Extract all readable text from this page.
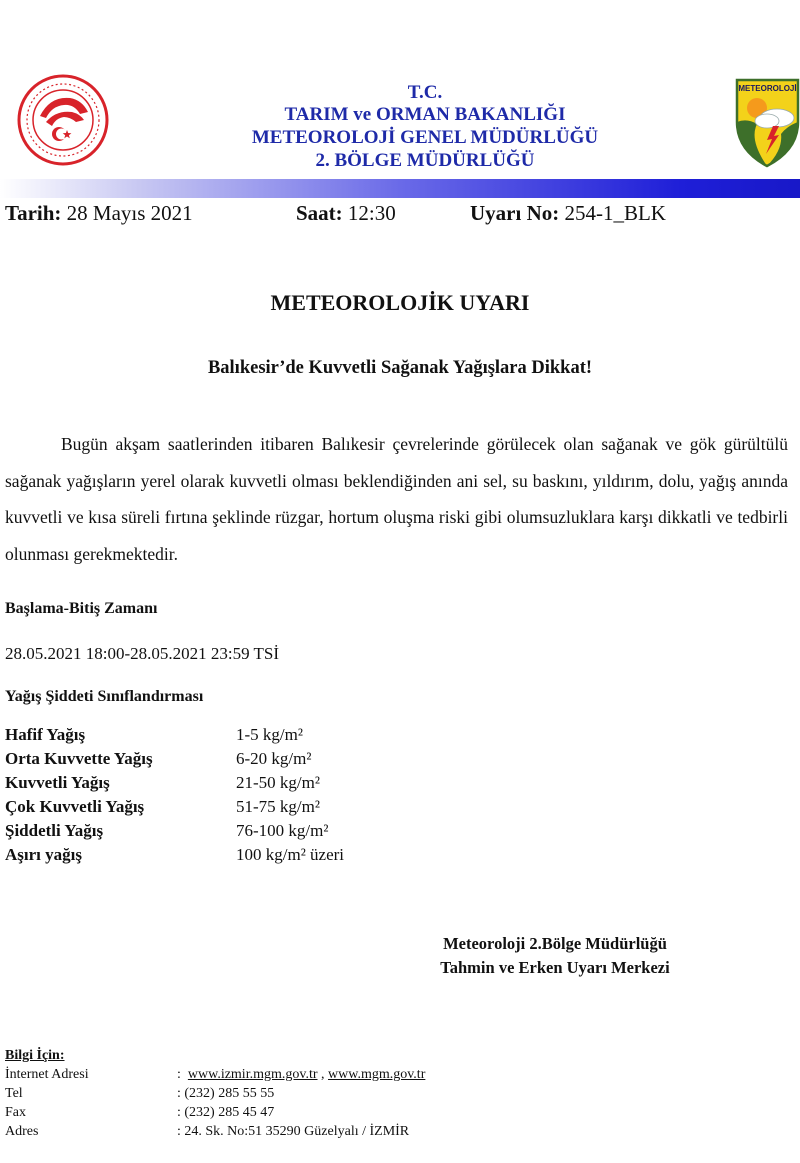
T.C.
TARIM ve ORMAN BAKANLIĞI
METEOROLOJİ GENEL MÜDÜRLÜĞÜ
2. BÖLGE MÜDÜRLÜĞÜ
METEOROLOJİ
Tarih: 28 Mayıs 2021	Saat: 12:30	Uyarı No: 254-1_BLK
METEOROLOJİK UYARI
Balıkesir’de Kuvvetli Sağanak Yağışlara Dikkat!
Bugün akşam saatlerinden itibaren Balıkesir çevrelerinde görülecek olan sağanak ve gök gürültülü sağanak yağışların yerel olarak kuvvetli olması beklendiğinden ani sel, su baskını, yıldırım, dolu, yağış anında kuvvetli ve kısa süreli fırtına şeklinde rüzgar, hortum oluşma riski gibi olumsuzluklara karşı dikkatli ve tedbirli olunması gerekmektedir.
Başlama-Bitiş Zamanı
28.05.2021 18:00-28.05.2021 23:59 TSİ
Yağış Şiddeti Sınıflandırması
Hafif Yağış	1-5 kg/m²
Orta Kuvvette Yağış	6-20 kg/m²
Kuvvetli Yağış	21-50 kg/m²
Çok Kuvvetli Yağış	51-75 kg/m²
Şiddetli Yağış	76-100 kg/m²
Aşırı yağış	100 kg/m² üzeri
Meteoroloji 2.Bölge Müdürlüğü
Tahmin ve Erken Uyarı Merkezi
Bilgi İçin:
İnternet Adresi	: www.izmir.mgm.gov.tr , www.mgm.gov.tr
Tel	: (232) 285 55 55
Fax	: (232) 285 45 47
Adres	: 24. Sk. No:51 35290 Güzelyalı / İZMİR
